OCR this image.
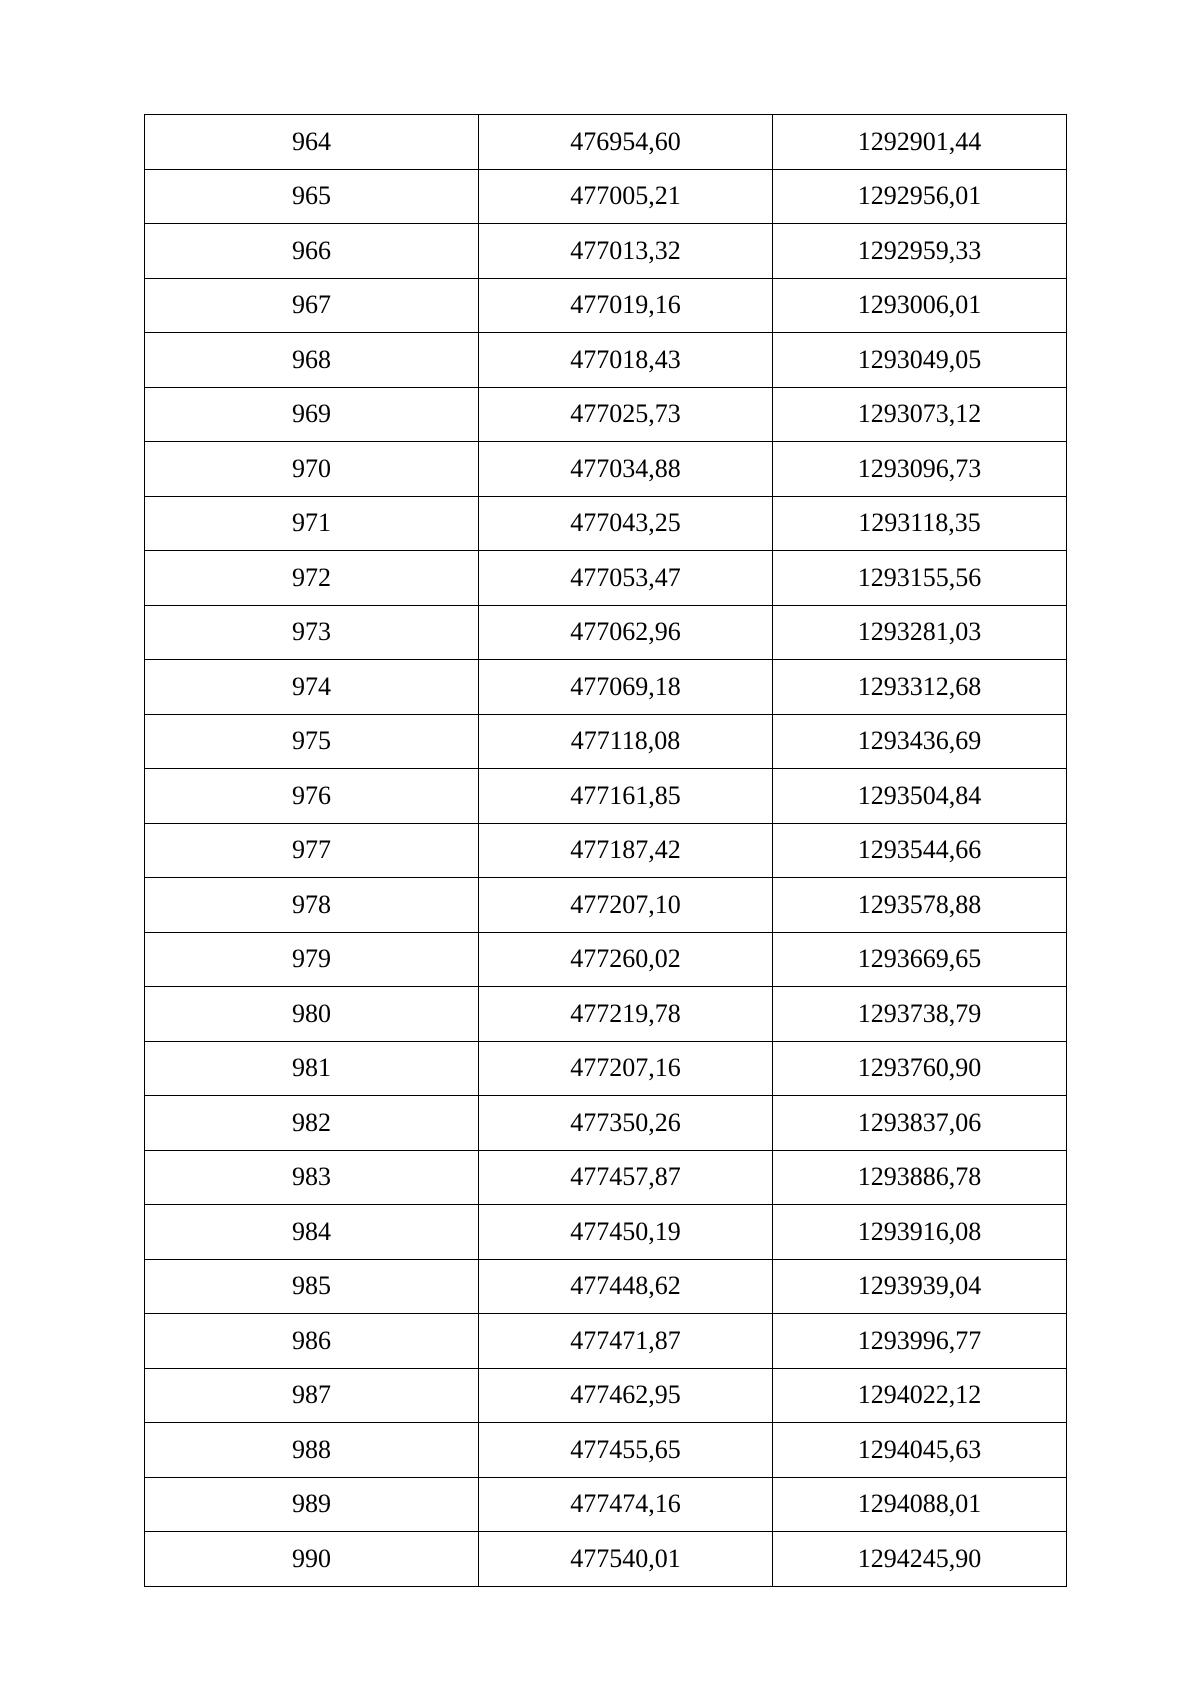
964	476954,60	1292901,44
965	477005,21	1292956,01
966	477013,32	1292959,33
967	477019,16	1293006,01
968	477018,43	1293049,05
969	477025,73	1293073,12
970	477034,88	1293096,73
971	477043,25	1293118,35
972	477053,47	1293155,56
973	477062,96	1293281,03
974	477069,18	1293312,68
975	477118,08	1293436,69
976	477161,85	1293504,84
977	477187,42	1293544,66
978	477207,10	1293578,88
979	477260,02	1293669,65
980	477219,78	1293738,79
981	477207,16	1293760,90
982	477350,26	1293837,06
983	477457,87	1293886,78
984	477450,19	1293916,08
985	477448,62	1293939,04
986	477471,87	1293996,77
987	477462,95	1294022,12
988	477455,65	1294045,63
989	477474,16	1294088,01
990	477540,01	1294245,90
